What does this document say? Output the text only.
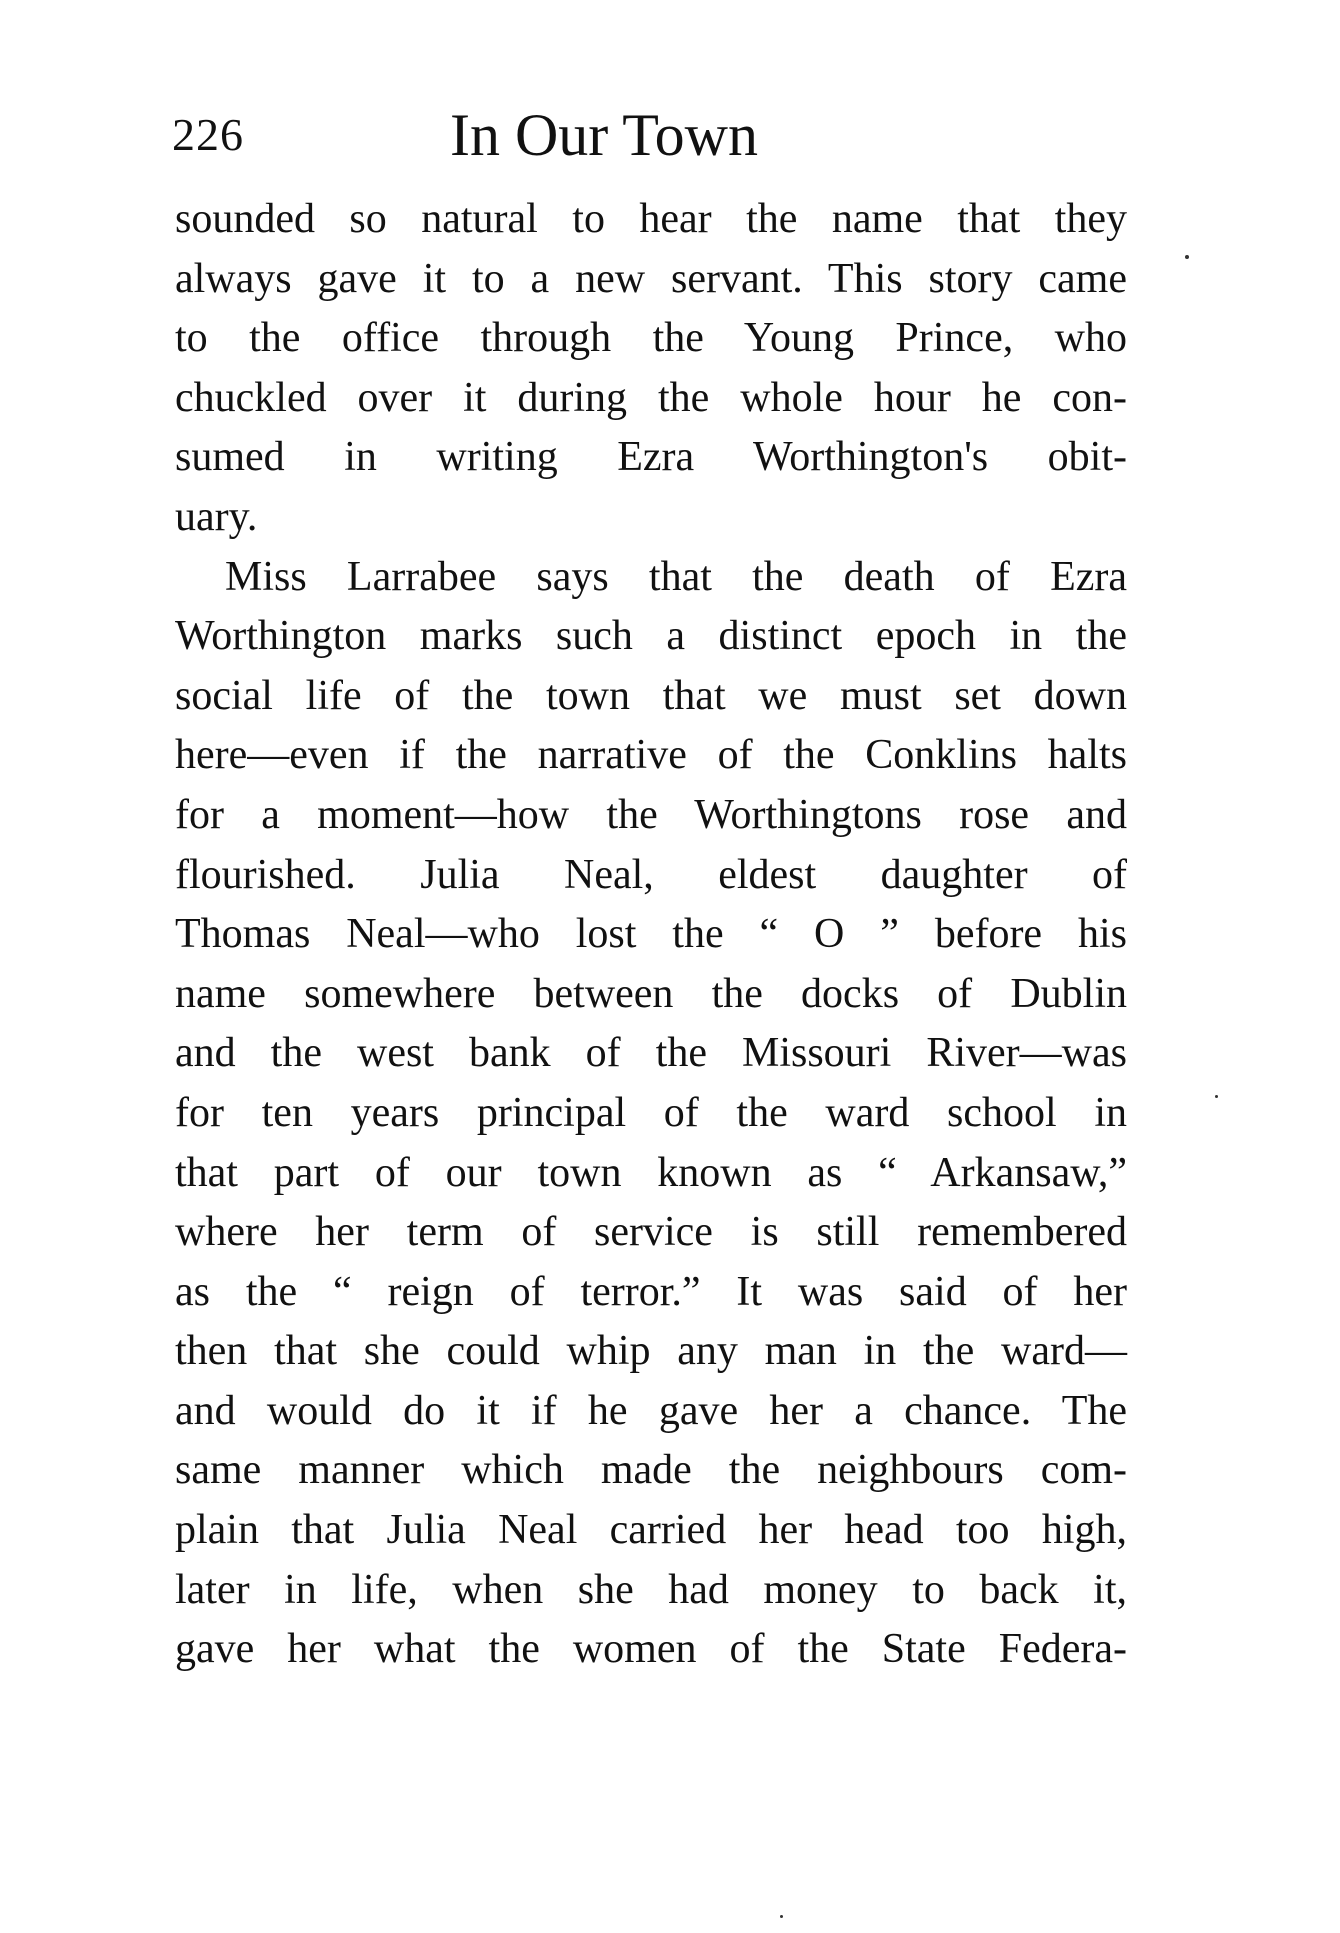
226	In Our Town
sounded so natural to hear the name that they
always gave it to a new servant. This story came
to the office through the Young Prince, who
chuckled over it during the whole hour he con-
sumed in writing Ezra Worthington's obit-
uary.
Miss Larrabee says that the death of Ezra
Worthington marks such a distinct epoch in the
social life of the town that we must set down
here—even if the narrative of the Conklins halts
for a moment—how the Worthingtons rose and
flourished. Julia Neal, eldest daughter of
Thomas Neal—who lost the “ O ” before his
name somewhere between the docks of Dublin
and the west bank of the Missouri River—was
for ten years principal of the ward school in
that part of our town known as “ Arkansaw,”
where her term of service is still remembered
as the “ reign of terror.” It was said of her
then that she could whip any man in the ward—
and would do it if he gave her a chance. The
same manner which made the neighbours com-
plain that Julia Neal carried her head too high,
later in life, when she had money to back it,
gave her what the women of the State Federa-
